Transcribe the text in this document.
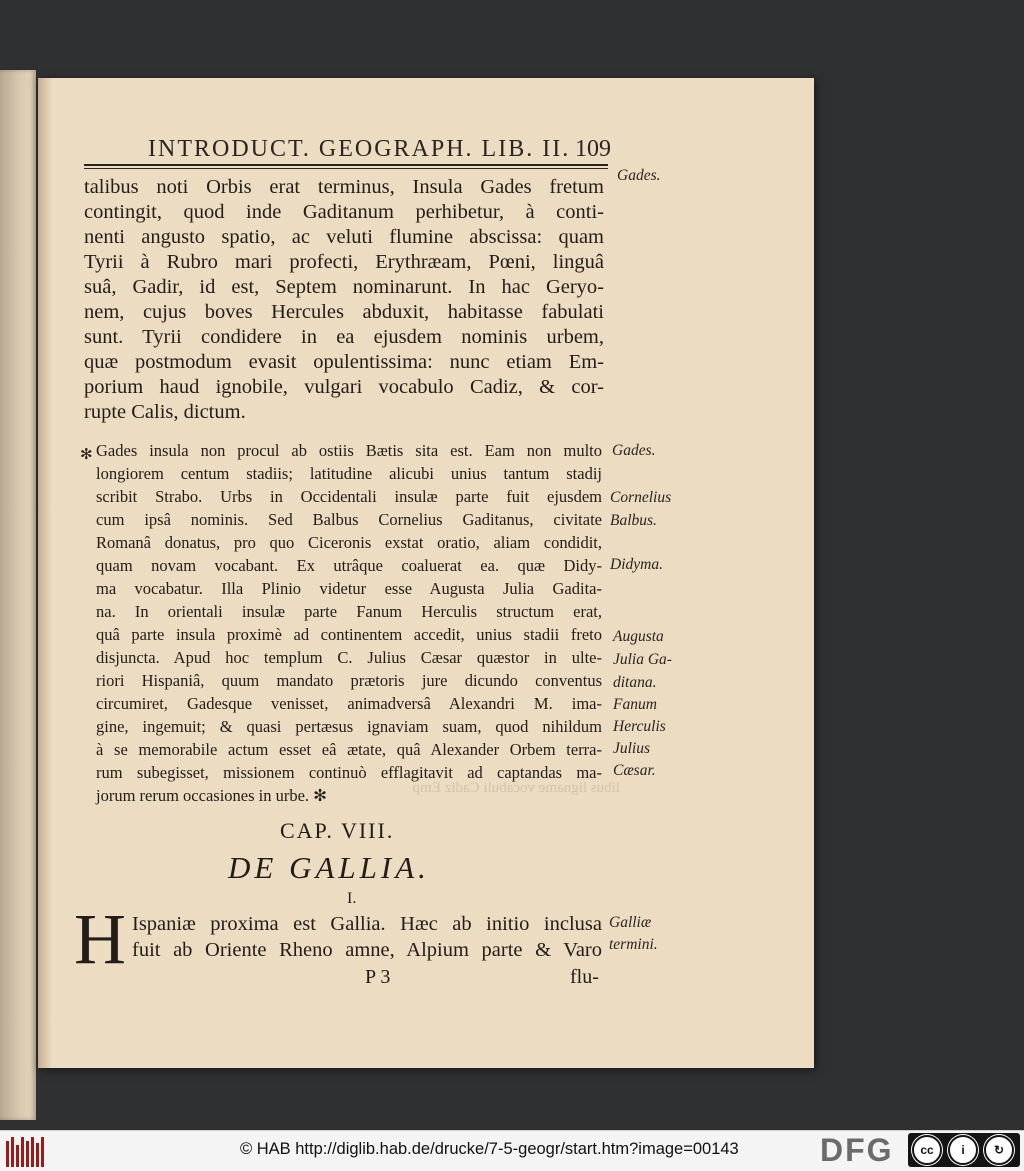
INTRODUCT. GEOGRAPH. LIB. II. 109
Gades.
Gades.
Cornelius
Balbus.
Didyma.
Augusta
Julia Ga-
ditana.
Fanum
Herculis
Julius
Cæsar.
Galliæ
termini.
talibus noti Orbis erat terminus, Insula Gades fretum
contingit, quod inde Gaditanum perhibetur, à conti-
nenti angusto spatio, ac veluti flumine abscissa: quam
Tyrii à Rubro mari profecti, Erythræam, Pœni, linguâ
suâ, Gadir, id est, Septem nominarunt. In hac Geryo-
nem, cujus boves Hercules abduxit, habitasse fabulati
sunt. Tyrii condidere in ea ejusdem nominis urbem,
quæ postmodum evasit opulentissima: nunc etiam Em-
porium haud ignobile, vulgari vocabulo Cadiz, & cor-
rupte Calis, dictum.
✻ Gades insula non procul ab ostiis Bætis sita est. Eam non multo
longiorem centum stadiis; latitudine alicubi unius tantum stadij
scribit Strabo. Urbs in Occidentali insulæ parte fuit ejusdem
cum ipsâ nominis. Sed Balbus Cornelius Gaditanus, civitate
Romanâ donatus, pro quo Ciceronis exstat oratio, aliam condidit,
quam novam vocabant. Ex utrâque coaluerat ea. quæ Didy-
ma vocabatur. Illa Plinio videtur esse Augusta Julia Gadita-
na. In orientali insulæ parte Fanum Herculis structum erat,
quâ parte insula proximè ad continentem accedit, unius stadii freto
disjuncta. Apud hoc templum C. Julius Cæsar quæstor in ulte-
riori Hispaniâ, quum mandato prætoris jure dicundo conventus
circumiret, Gadesque venisset, animadversâ Alexandri M. ima-
gine, ingemuit; & quasi pertæsus ignaviam suam, quod nihildum
à se memorabile actum esset eâ ætate, quâ Alexander Orbem terra-
rum subegisset, missionem continuò efflagitavit ad captandas ma-
jorum rerum occasiones in urbe. ✻	libus ligname vocabuli Cadiz Emp
CAP. VIII.
DE GALLIA.
I.
H Ispaniæ proxima est Gallia. Hæc ab initio inclusa
fuit ab Oriente Rheno amne, Alpium parte & Varo
P 3	flu-
© HAB http://diglib.hab.de/drucke/7-5-geogr/start.htm?image=00143	DFG	cc	i	↻
BY	SA
